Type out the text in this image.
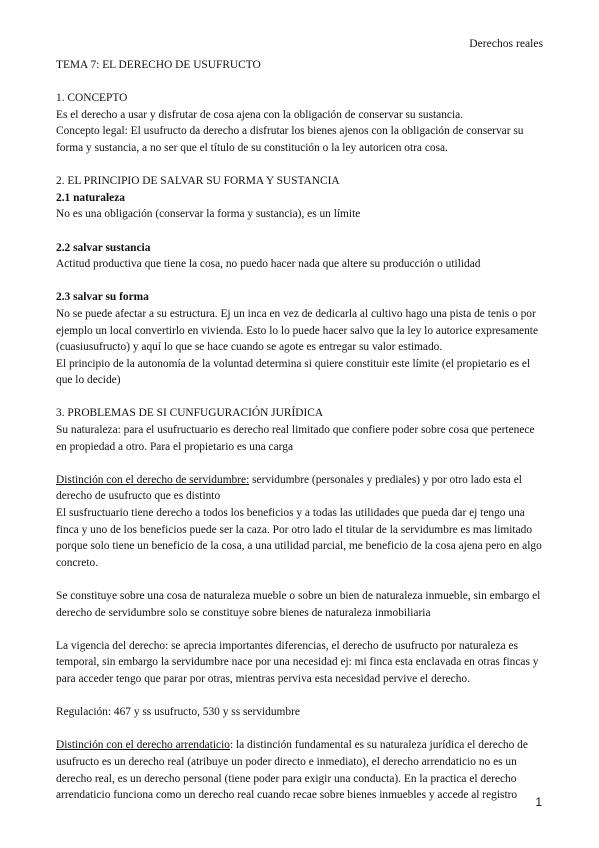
Derechos reales

TEMA 7: EL DERECHO DE USUFRUCTO

1. CONCEPTO

Es el derecho a usar y disfrutar de cosa ajena con la obligación de conservar su sustancia.

Concepto legal: El usufructo da derecho a disfrutar los bienes ajenos con la obligación de conservar su forma y sustancia, a no ser que el título de su constitución o la ley autoricen otra cosa.

2. EL PRINCIPIO DE SALVAR SU FORMA Y SUSTANCIA

2.1 naturaleza

No es una obligación (conservar la forma y sustancia), es un límite

2.2 salvar sustancia

Actitud productiva que tiene la cosa, no puedo hacer nada que altere su producción o utilidad

2.3 salvar su forma

No se puede afectar a su estructura. Ej un inca en vez de dedicarla al cultivo hago una pista de tenis o por ejemplo un local convertirlo en vivienda. Esto lo lo puede hacer salvo que la ley lo autorice expresamente (cuasiusufructo) y aquí lo que se hace cuando se agote es entregar su valor estimado.

El principio de la autonomía de la voluntad determina si quiere constituir este límite (el propietario es el que lo decide)

3. PROBLEMAS DE SI CUNFUGURACIÓN JURÍDICA

Su naturaleza: para el usufructuario es derecho real limitado que confiere poder sobre cosa que pertenece en propiedad a otro. Para el propietario es una carga

Distinción con el derecho de servidumbre: servidumbre (personales y prediales) y por otro lado esta el derecho de usufructo que es distinto

El susfructuario tiene derecho a todos los beneficios y a todas las utilidades que pueda dar ej tengo una finca y uno de los beneficios puede ser la caza. Por otro lado el titular de la servidumbre es mas limitado porque solo tiene un beneficio de la cosa, a una utilidad parcial, me beneficio de la cosa ajena pero en algo concreto.

Se constituye sobre una cosa de naturaleza mueble o sobre un bien de naturaleza inmueble, sin embargo el derecho de servidumbre solo se constituye sobre bienes de naturaleza inmobiliaria

La vigencia del derecho: se aprecia importantes diferencias, el derecho de usufructo por naturaleza es temporal, sin embargo la servidumbre nace por una necesidad ej: mi finca esta enclavada en otras fincas y para acceder tengo que parar por otras, mientras perviva esta necesidad pervive el derecho.

Regulación: 467 y ss usufructo, 530 y ss servidumbre

Distinción con el derecho arrendaticio: la distinción fundamental es su naturaleza jurídica el derecho de usufructo es un derecho real (atribuye un poder directo e inmediato), el derecho arrendaticio no es un derecho real, es un derecho personal (tiene poder para exigir una conducta). En la practica el derecho arrendaticio funciona como un derecho real cuando recae sobre bienes inmuebles y accede al registro	1
